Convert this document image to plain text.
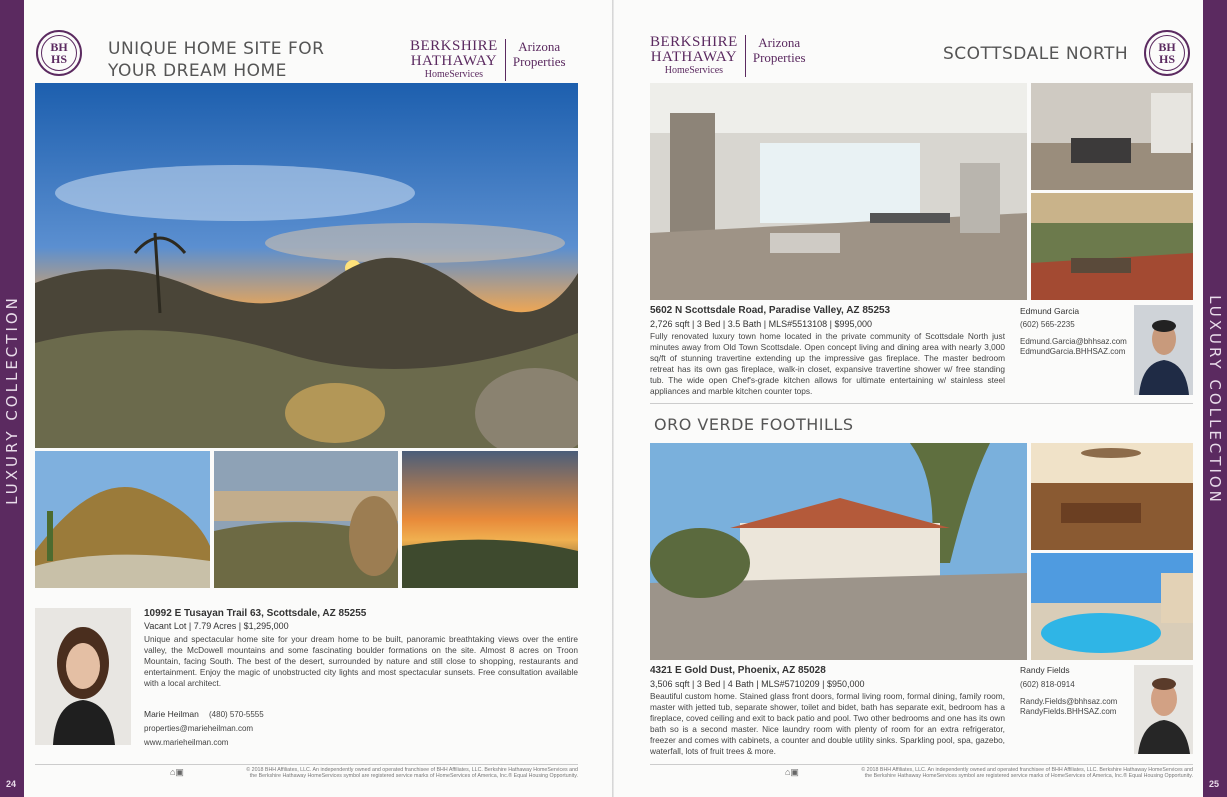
LUXURY COLLECTION	LUXURY COLLECTION
24	25
BH
HS UNIQUE HOME SITE FOR
YOUR DREAM HOME
BERKSHIRE
HATHAWAY
HomeServices
Arizona
Properties
10992 E Tusayan Trail 63, Scottsdale, AZ 85255
Vacant Lot | 7.79 Acres | $1,295,000
Unique and spectacular home site for your dream home to be built, panoramic breathtaking views over the entire valley, the McDowell mountains and some fascinating boulder formations on the site. Almost 8 acres on Troon Mountain, facing South. The best of the desert, surrounded by nature and still close to shopping, restaurants and entertainment. Enjoy the magic of unobstructed city lights and most spectacular sunsets. Free consultation available with a local architect.
Marie Heilman (480) 570-5555
properties@marieheilman.com
www.marieheilman.com
⌂▣	© 2018 BHH Affiliates, LLC. An independently owned and operated franchisee of BHH Affiliates, LLC. Berkshire Hathaway HomeServices and
the Berkshire Hathaway HomeServices symbol are registered service marks of HomeServices of America, Inc.® Equal Housing Opportunity.
BERKSHIRE
HATHAWAY
HomeServices
Arizona
Properties	SCOTTSDALE NORTH	BH
HS
5602 N Scottsdale Road, Paradise Valley, AZ 85253
2,726 sqft | 3 Bed | 3.5 Bath | MLS#5513108 | $995,000
Fully renovated luxury town home located in the private community of Scottsdale North just minutes away from Old Town Scottsdale. Open concept living and dining area with nearly 3,000 sq/ft of stunning travertine extending up the impressive gas fireplace. The master bedroom retreat has its own gas fireplace, walk-in closet, expansive travertine shower w/ free standing tub. The wide open Chef's-grade kitchen allows for ultimate entertaining w/ stainless steel appliances and marble kitchen counter tops.
Edmund Garcia
(602) 565-2235
Edmund.Garcia@bhhsaz.com
EdmundGarcia.BHHSAZ.com
ORO VERDE FOOTHILLS
4321 E Gold Dust, Phoenix, AZ 85028
3,506 sqft | 3 Bed | 4 Bath | MLS#5710209 | $950,000
Beautiful custom home. Stained glass front doors, formal living room, formal dining, family room, master with jetted tub, separate shower, toilet and bidet, bath has separate exit, bedroom has a fireplace, coved ceiling and exit to back patio and pool. Two other bedrooms and one has its own bath so is a second master. Nice laundry room with plenty of room for an extra refrigerator, freezer and comes with cabinets, a counter and double utility sinks. Sparkling pool, spa, gazebo, waterfall, lots of fruit trees & more.
Randy Fields
(602) 818-0914
Randy.Fields@bhhsaz.com
RandyFields.BHHSAZ.com
⌂▣	© 2018 BHH Affiliates, LLC. An independently owned and operated franchisee of BHH Affiliates, LLC. Berkshire Hathaway HomeServices and
the Berkshire Hathaway HomeServices symbol are registered service marks of HomeServices of America, Inc.® Equal Housing Opportunity.
